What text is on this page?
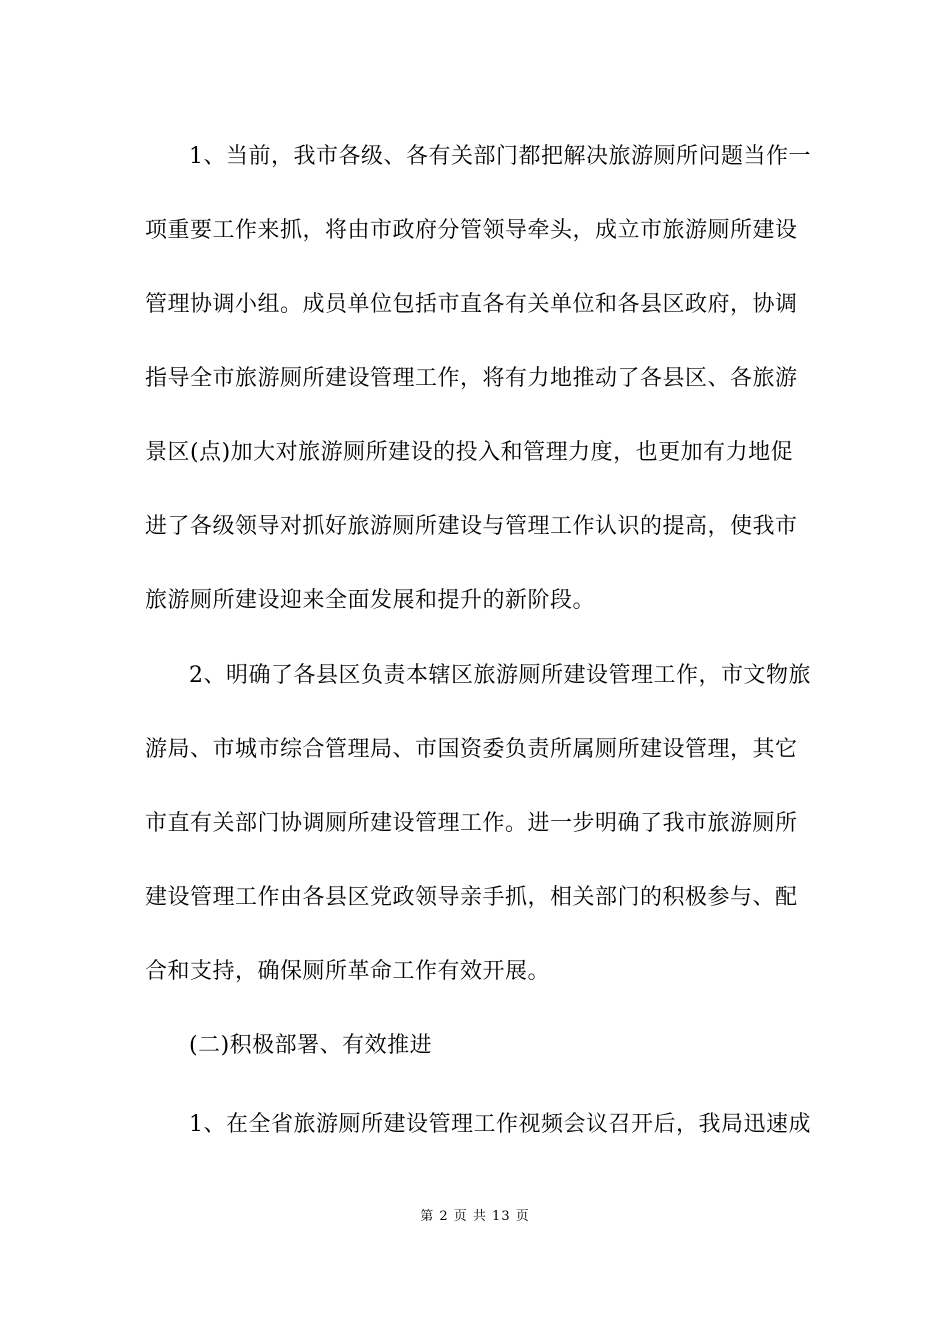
1、当前，我市各级、各有关部门都把解决旅游厕所问题当作一
项重要工作来抓，将由市政府分管领导牵头，成立市旅游厕所建设
管理协调小组。成员单位包括市直各有关单位和各县区政府，协调
指导全市旅游厕所建设管理工作，将有力地推动了各县区、各旅游
景区(点)加大对旅游厕所建设的投入和管理力度，也更加有力地促
进了各级领导对抓好旅游厕所建设与管理工作认识的提高，使我市
旅游厕所建设迎来全面发展和提升的新阶段。
2、明确了各县区负责本辖区旅游厕所建设管理工作，市文物旅
游局、市城市综合管理局、市国资委负责所属厕所建设管理，其它
市直有关部门协调厕所建设管理工作。进一步明确了我市旅游厕所
建设管理工作由各县区党政领导亲手抓，相关部门的积极参与、配
合和支持，确保厕所革命工作有效开展。
(二)积极部署、有效推进
1、在全省旅游厕所建设管理工作视频会议召开后，我局迅速成
第 2 页 共 13 页
